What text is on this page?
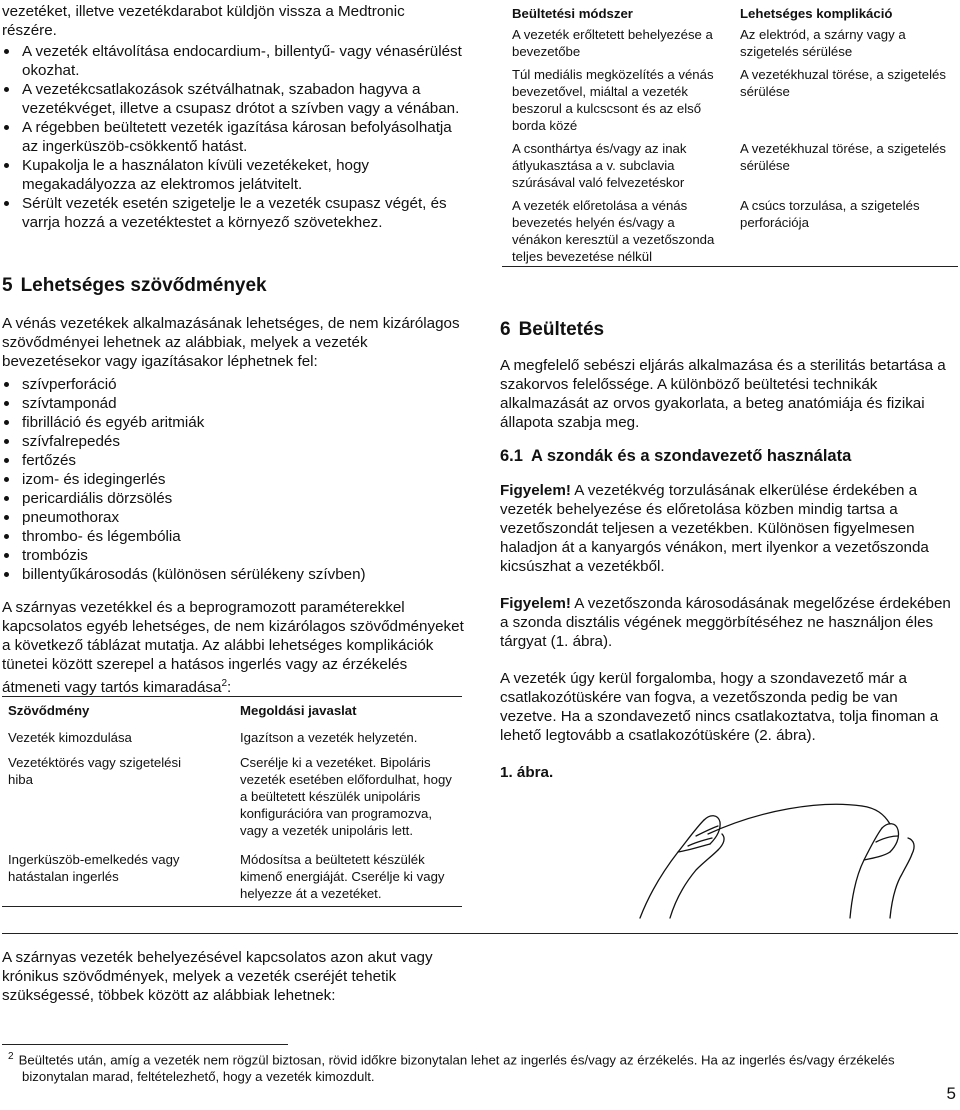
vezetéket, illetve vezetékdarabot küldjön vissza a Medtronic

részére.

A vezeték eltávolítása endocardium-, billentyű- vagy vénasérülést okozhat.
A vezetékcsatlakozások szétválhatnak, szabadon hagyva a vezetékvéget, illetve a csupasz drótot a szívben vagy a vénában.
A régebben beültetett vezeték igazítása károsan befolyásolhatja az ingerküszöb-csökkentő hatást.
Kupakolja le a használaton kívüli vezetékeket, hogy megakadályozza az elektromos jelátvitelt.
Sérült vezeték esetén szigetelje le a vezeték csupasz végét, és varrja hozzá a vezetéktestet a környező szövetekhez.
5 Lehetséges szövődmények

A vénás vezetékek alkalmazásának lehetséges, de nem kizárólagos szövődményei lehetnek az alábbiak, melyek a vezeték bevezetésekor vagy igazításakor léphetnek fel:

szívperforáció
szívtamponád
fibrilláció és egyéb aritmiák
szívfalrepedés
fertőzés
izom- és idegingerlés
pericardiális dörzsölés
pneumothorax
thrombo- és légembólia
trombózis
billentyűkárosodás (különösen sérülékeny szívben)

A szárnyas vezetékkel és a beprogramozott paraméterekkel kapcsolatos egyéb lehetséges, de nem kizárólagos szövődményeket a következő táblázat mutatja. Az alábbi lehetséges komplikációk tünetei között szerepel a hatásos ingerlés vagy az érzékelés átmeneti vagy tartós kimaradása$^2$:

Szövődmény	Megoldási javaslat
Vezeték kimozdulása	Igazítson a vezeték helyzetén.
Vezetéktörés vagy szigetelési hiba	Cserélje ki a vezetéket. Bipoláris vezeték esetében előfordulhat, hogy a beültetett készülék unipoláris konfigurációra van programozva, vagy a vezeték unipoláris lett.
Ingerküszöb-emelkedés vagy hatástalan ingerlés	Módosítsa a beültetett készülék kimenő energiáját. Cserélje ki vagy helyezze át a vezetéket.
Beültetési módszer	Lehetséges komplikáció
A vezeték erőltetett behelyezése a bevezetőbe	Az elektród, a szárny vagy a szigetelés sérülése
Túl mediális megközelítés a vénás bevezetővel, miáltal a vezeték beszorul a kulcscsont és az első borda közé	A vezetékhuzal törése, a szigetelés sérülése
A csonthártya és/vagy az inak átlyukasztása a v. subclavia szúrásával való felvezetéskor	A vezetékhuzal törése, a szigetelés sérülése
A vezeték előretolása a vénás bevezetés helyén és/vagy a vénákon keresztül a vezetőszonda teljes bevezetése nélkül	A csúcs torzulása, a szigetelés perforációja
6 Beültetés

A megfelelő sebészi eljárás alkalmazása és a sterilitás betartása a szakorvos felelőssége. A különböző beültetési technikák alkalmazását az orvos gyakorlata, a beteg anatómiája és fizikai állapota szabja meg.

6.1 A szondák és a szondavezető használata

Figyelem! A vezetékvég torzulásának elkerülése érdekében a vezeték behelyezése és előretolása közben mindig tartsa a vezetőszondát teljesen a vezetékben. Különösen figyelmesen haladjon át a kanyargós vénákon, mert ilyenkor a vezetőszonda kicsúszhat a vezetékből.

Figyelem! A vezetőszonda károsodásának megelőzése érdekében a szonda disztális végének meggörbítéséhez ne használjon éles tárgyat (1. ábra).

A vezeték úgy kerül forgalomba, hogy a szondavezető már a csatlakozótüskére van fogva, a vezetőszonda pedig be van vezetve. Ha a szondavezető nincs csatlakoztatva, tolja finoman a lehető legtovább a csatlakozótüskére (2. ábra).

1. ábra.

A szárnyas vezeték behelyezésével kapcsolatos azon akut vagy krónikus szövődmények, melyek a vezeték cseréjét tehetik szükségessé, többek között az alábbiak lehetnek:

$^2$ Beültetés után, amíg a vezeték nem rögzül biztosan, rövid időkre bizonytalan lehet az ingerlés és/vagy az érzékelés. Ha az ingerlés és/vagy érzékelés bizonytalan marad, feltételezhető, hogy a vezeték kimozdult.

5
